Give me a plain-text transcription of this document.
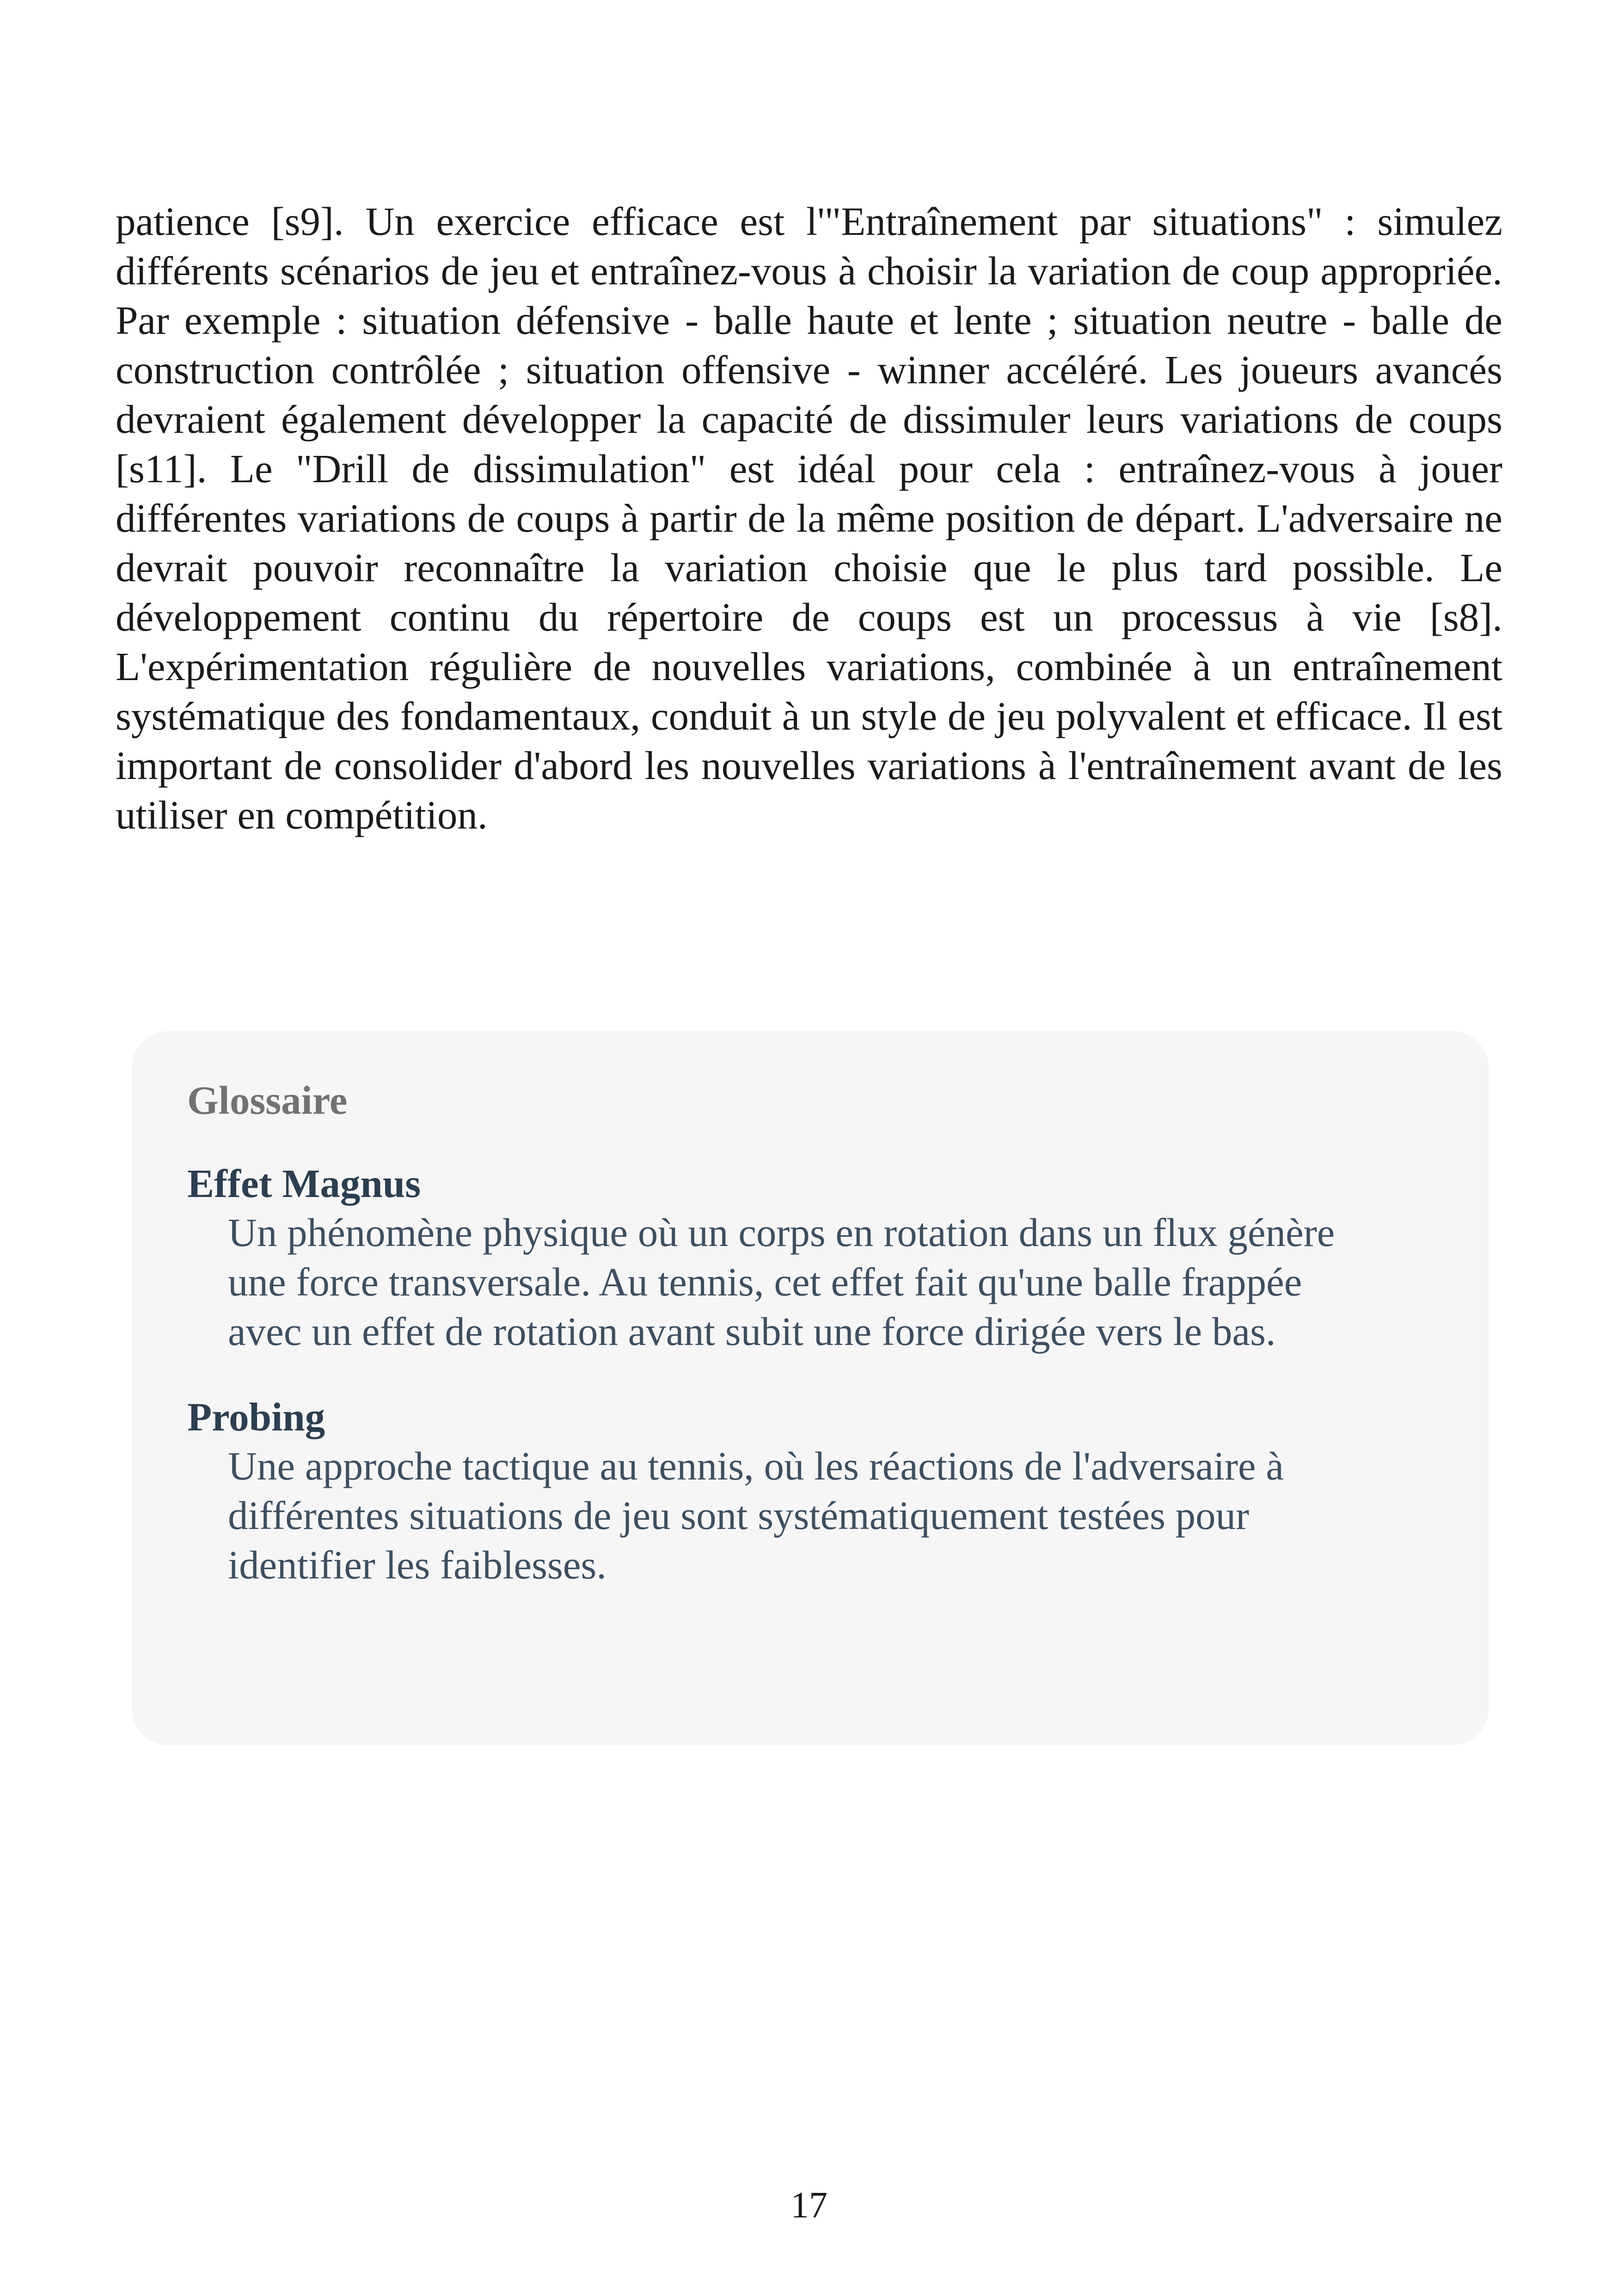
patience [s9]. Un exercice efficace est l'"Entraînement par situations" : simulez différents scénarios de jeu et entraînez-vous à choisir la variation de coup appropriée. Par exemple : situation défensive - balle haute et lente ; situation neutre - balle de construction contrôlée ; situation offensive - winner accéléré. Les joueurs avancés devraient également développer la capacité de dissimuler leurs variations de coups [s11]. Le "Drill de dissimulation" est idéal pour cela : entraînez-vous à jouer différentes variations de coups à partir de la même position de départ. L'adversaire ne devrait pouvoir reconnaître la variation choisie que le plus tard possible. Le développement continu du répertoire de coups est un processus à vie [s8]. L'expérimentation régulière de nouvelles variations, combinée à un entraînement systématique des fondamentaux, conduit à un style de jeu polyvalent et efficace. Il est important de consolider d'abord les nouvelles variations à l'entraînement avant de les utiliser en compétition.

Glossaire
Effet Magnus
Un phénomène physique où un corps en rotation dans un flux génère une force transversale. Au tennis, cet effet fait qu'une balle frappée avec un effet de rotation avant subit une force dirigée vers le bas.
Probing
Une approche tactique au tennis, où les réactions de l'adversaire à différentes situations de jeu sont systématiquement testées pour identifier les faiblesses.
17
